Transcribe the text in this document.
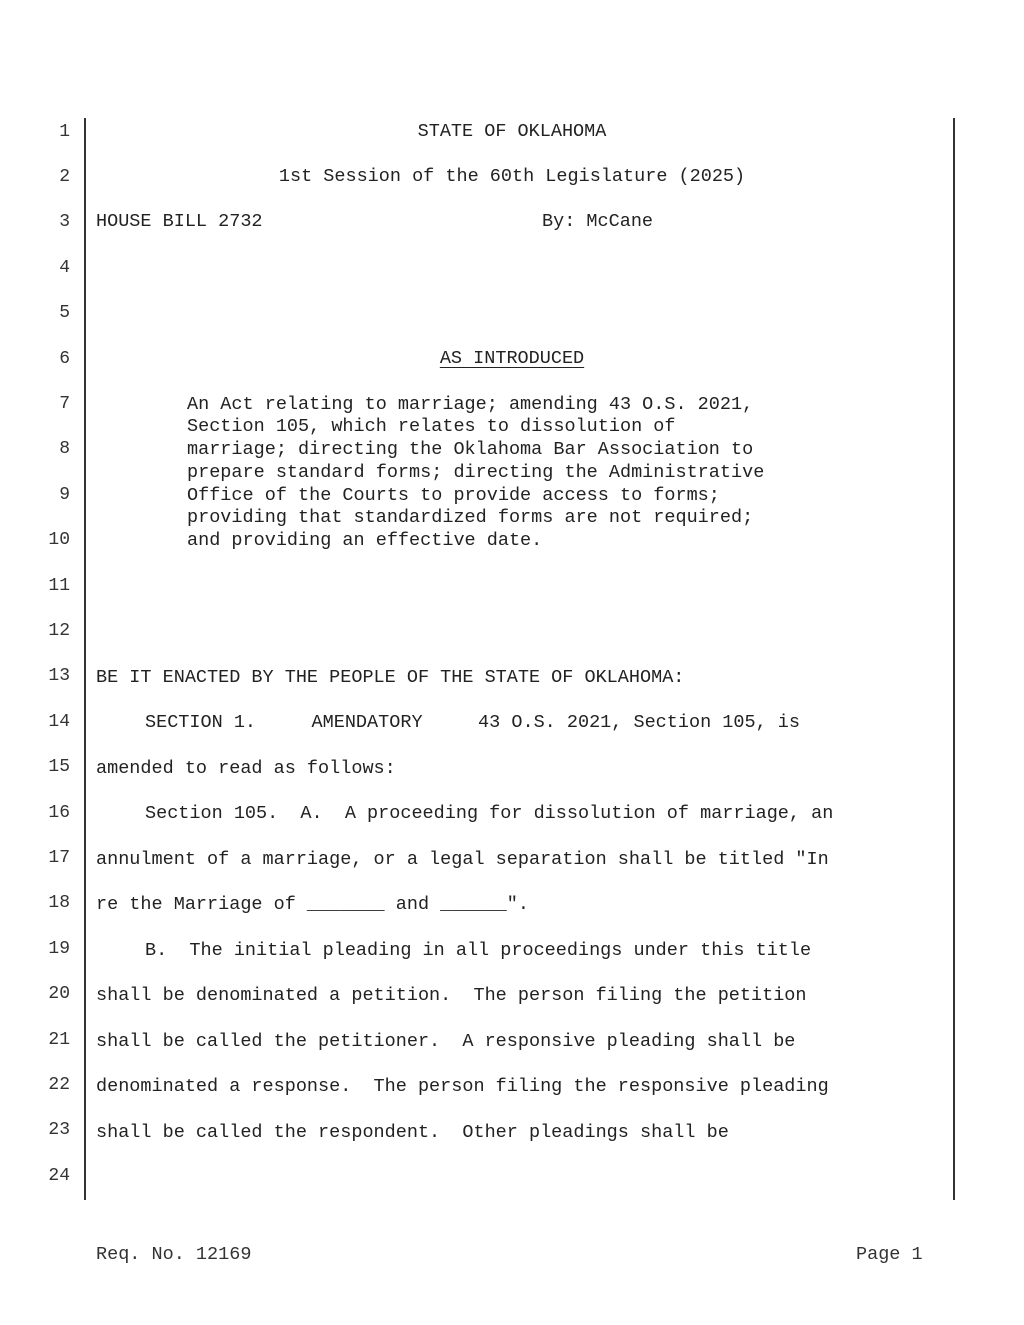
1
2
3
4
5
6
7
8
9
10
11
12
13
14
15
16
17
18
19
20
21
22
23
24
STATE OF OKLAHOMA
1st Session of the 60th Legislature (2025)
HOUSE BILL 2732	By: McCane
AS INTRODUCED
An Act relating to marriage; amending 43 O.S. 2021,
Section 105, which relates to dissolution of
marriage; directing the Oklahoma Bar Association to
prepare standard forms; directing the Administrative
Office of the Courts to provide access to forms;
providing that standardized forms are not required;
and providing an effective date.
BE IT ENACTED BY THE PEOPLE OF THE STATE OF OKLAHOMA:
SECTION 1.     AMENDATORY     43 O.S. 2021, Section 105, is
amended to read as follows:
Section 105.  A.  A proceeding for dissolution of marriage, an
annulment of a marriage, or a legal separation shall be titled "In
re the Marriage of _______ and ______".
B.  The initial pleading in all proceedings under this title
shall be denominated a petition.  The person filing the petition
shall be called the petitioner.  A responsive pleading shall be
denominated a response.  The person filing the responsive pleading
shall be called the respondent.  Other pleadings shall be
Req. No. 12169	Page 1
